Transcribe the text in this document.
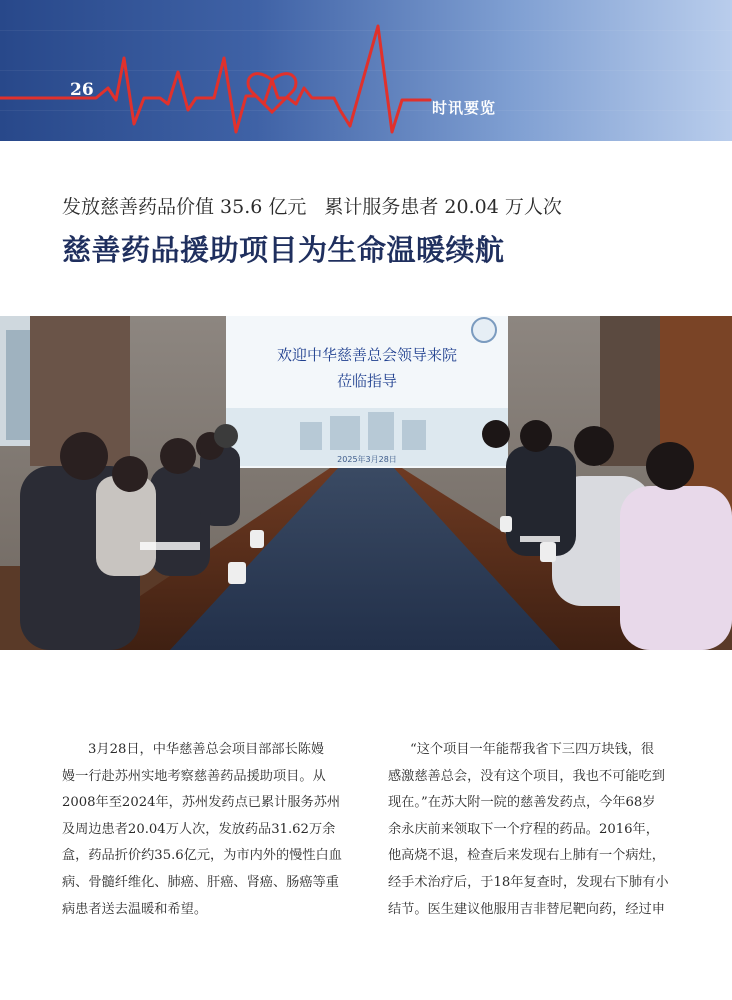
26
时讯要览
发放慈善药品价值 35.6 亿元 累计服务患者 20.04 万人次
慈善药品援助项目为生命温暖续航
欢迎中华慈善总会领导来院
莅临指导
2025年3月28日

3月28日，中华慈善总会项目部部长陈嫚

嫚一行赴苏州实地考察慈善药品援助项目。从

2008年至2024年，苏州发药点已累计服务苏州

及周边患者20.04万人次，发放药品31.62万余

盒，药品折价约35.6亿元，为市内外的慢性白血

病、骨髓纤维化、肺癌、肝癌、肾癌、肠癌等重

病患者送去温暖和希望。

“这个项目一年能帮我省下三四万块钱，很

感激慈善总会，没有这个项目，我也不可能吃到

现在。”在苏大附一院的慈善发药点，今年68岁

余永庆前来领取下一个疗程的药品。2016年，

他高烧不退，检查后来发现右上肺有一个病灶，

经手术治疗后，于18年复查时，发现右下肺有小

结节。医生建议他服用吉非替尼靶向药，经过申
